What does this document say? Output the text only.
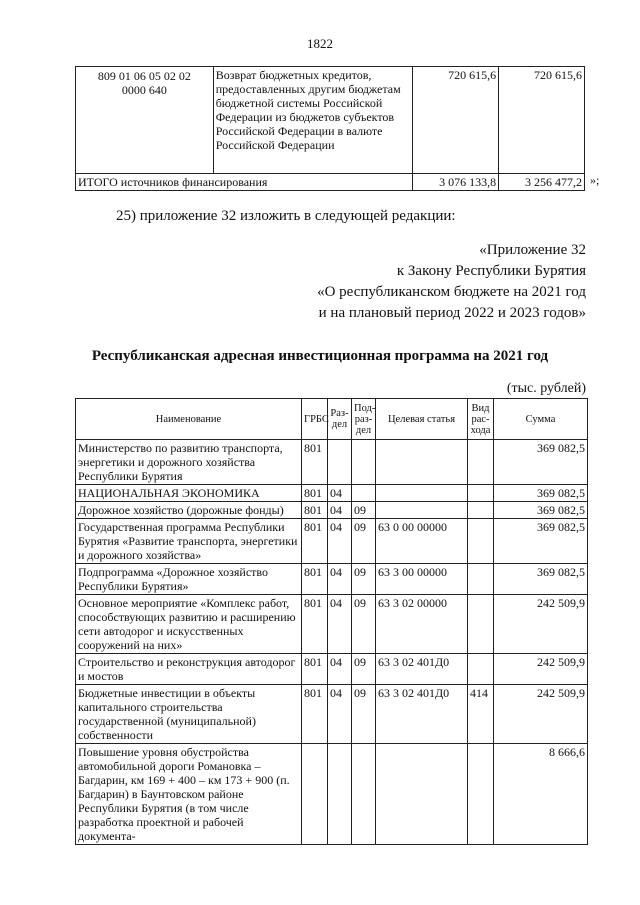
1822
809 01 06 05 02 02 0000 640	Возврат бюджетных кредитов, предоставленных другим бюджетам бюджетной системы Российской Федерации из бюджетов субъектов Российской Федерации в валюте Российской Федерации	720 615,6	720 615,6
ИТОГО источников финансирования		3 076 133,8	3 256 477,2 »;
25) приложение 32 изложить в следующей редакции:
«Приложение 32
к Закону Республики Бурятия
«О республиканском бюджете на 2021 год
и на плановый период 2022 и 2023 годов»
Республиканская адресная инвестиционная программа на 2021 год
(тыс. рублей)
Наименование	ГРБС	Раз-дел	Под-раз-дел	Целевая статья	Вид рас-хода	Сумма
Министерство по развитию транспорта, энергетики и дорожного хозяйства Республики Бурятия	801					369 082,5
НАЦИОНАЛЬНАЯ ЭКОНОМИКА	801	04				369 082,5
Дорожное хозяйство (дорожные фонды)	801	04	09			369 082,5
Государственная программа Республики Бурятия «Развитие транспорта, энергетики и дорожного хозяйства»	801	04	09	63 0 00 00000		369 082,5
Подпрограмма «Дорожное хозяйство Республики Бурятия»	801	04	09	63 3 00 00000		369 082,5
Основное мероприятие «Комплекс работ, способствующих развитию и расширению сети автодорог и искусственных сооружений на них»	801	04	09	63 3 02 00000		242 509,9
Строительство и реконструкция автодорог и мостов	801	04	09	63 3 02 401Д0		242 509,9
Бюджетные инвестиции в объекты капитального строительства государственной (муниципальной) собственности	801	04	09	63 3 02 401Д0	414	242 509,9
Повышение уровня обустройства автомобильной дороги Романовка – Багдарин, км 169 + 400 – км 173 + 900 (п. Багдарин) в Баунтовском районе Республики Бурятия (в том числе разработка проектной и рабочей документа-						8 666,6
